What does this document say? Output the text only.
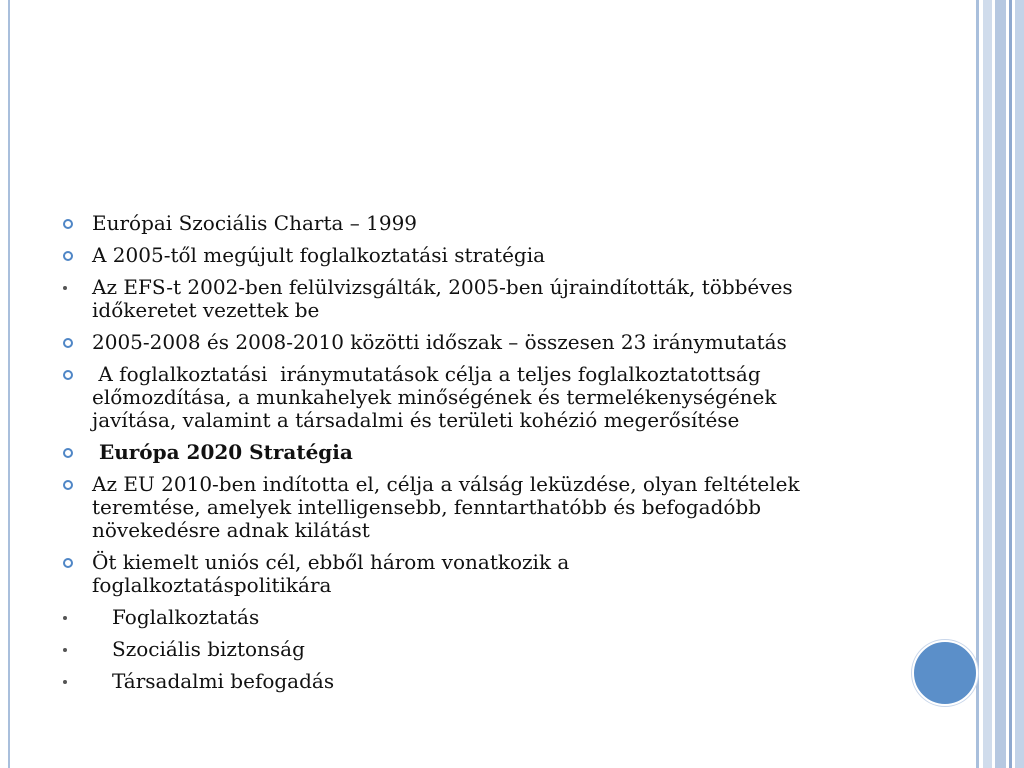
Európai Szociális Charta – 1999
A 2005-től megújult foglalkoztatási stratégia
Az EFS-t 2002-ben felülvizsgálták, 2005-ben újraindították, többéves
időkeretet vezettek be
2005-2008 és 2008-2010 közötti időszak – összesen 23 iránymutatás
A foglalkoztatási  iránymutatások célja a teljes foglalkoztatottság
előmozdítása, a munkahelyek minőségének és termelékenységének
javítása, valamint a társadalmi és területi kohézió megerősítése
Európa 2020 Stratégia
Az EU 2010-ben indította el, célja a válság leküzdése, olyan feltételek
teremtése, amelyek intelligensebb, fenntarthatóbb és befogadóbb
növekedésre adnak kilátást
Öt kiemelt uniós cél, ebből három vonatkozik a
foglalkoztatáspolitikára
Foglalkoztatás
Szociális biztonság
Társadalmi befogadás
